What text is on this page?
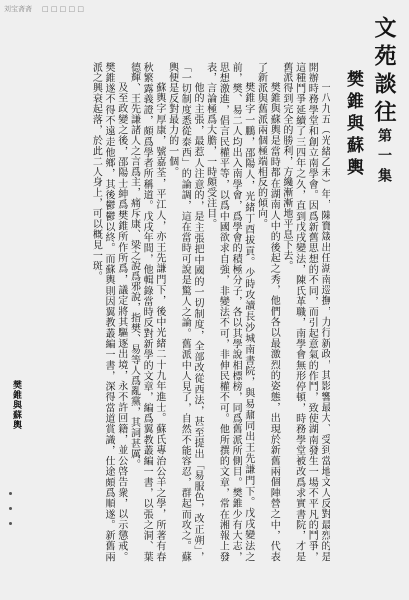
刘宝斋斋 □ □ □ □ □
文苑談往第一集
樊錐與蘇輿

一八九五（光緒乙未）年，陳寶箴出任湖南巡撫，力行新政，其影響最大、受到當地文人反對最烈的是開辦時務學堂和創立南學會。因爲新舊思想的不同，而引起意氣的作鬥，致使湖南發生一場不平凡的鬥爭，這種鬥爭延續了三四年之久，直到戊戌變法，陳氏革職，南學會無形停頓，時務學堂被改爲求實書院，才是舊派得到完全的勝利，方纔漸漸地平息下去。

樊錐與蘇輿是當時都在湖南人中的後起之秀，他們各以最激烈的姿態，出現於新舊兩個陣營之中，代表了新派與舊派兩個極端相反的傾向。

樊錐字一鵬，邵陽人，光緒丁酉拔貢。少時攻讀長沙城南書院，與易鼐同出王先謙門下。戊戌變法之前，樊、易二人均出入南學會，爲學會的積極分子，各以其學說相標榜，同爲舊派所側目。樊錐少有大志，思想激進，倡言民權平等，以爲中國欲求自強，非變法不可，非伸民權不可。他所撰的文章，常在湘報上發表，言論極爲大膽，一時頗受注目。

他的主張，最惹人注意的，是主張把中國的一切制度，全部改從西法，甚至提出「易服色，改正朔」，「一切制度悉從泰西」的論調，這在當時可說是驚人之論。舊派中人見了，自然不能容忍，群起而攻之。蘇輿便是反對最力的一個。

蘇輿字厚康，號嘉荃，平江人，亦王先謙門下，後中光緒二十九年進士。蘇氏專治公羊之學，所著有春秋繁露義證，頗爲學者所稱道。戊戌年間，他輯錄當時反對新學的文章，編爲翼教叢編一書，以張之洞、葉德輝、王先謙諸人之言爲主，痛斥康、梁之說爲邪說，指樊、易等人爲亂黨，其詞甚厲。

及至政變之後，邵陽士紳爲樊錐所作所爲，議定將其驅逐出境，永不許回籍，並公啓告衆，以示懲戒。樊錐遂不得不遠走他鄉，其後鬱鬱以終。而蘇輿則因翼教叢編一書，深得當道賞識，仕途頗爲順遂。新舊兩派之興衰起落，於此二人身上，可以概見一斑。

樊錐與蘇輿
